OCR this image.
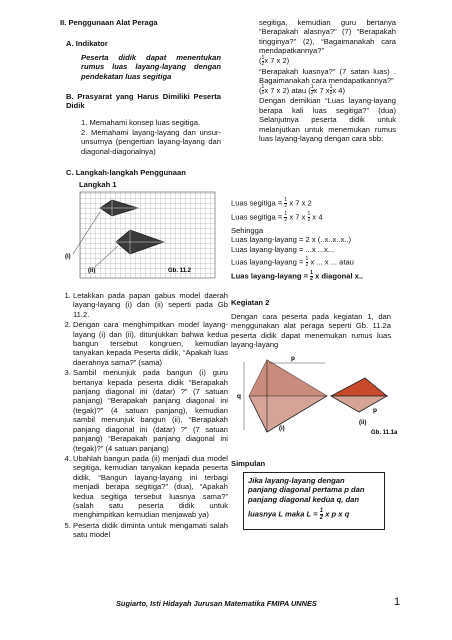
II. Penggunaan Alat Peraga
A. Indikator
Peserta didik dapat menentukan rumus luas layang-layang dengan pendekatan luas segitiga
B. Prasyarat yang Harus Dimiliki Peserta Didik
1. Memahami konsep luas segitiga.
2. Memahami layang-layang dan unsur-unsurnya (pengertian layang-layang dan diagonal-diagonalnya)
C. Langkah-langkah Penggunaan
Langkah 1
(i)
(ii)	Gb. 11.2
1. Letakkan pada papan gabus model daerah layang-layang (i) dan (ii) seperti pada Gb 11.2.
2. Dengan cara menghimpitkan model layang-layang (i) dan (ii), ditunjukkan bahwa kedua bangun tersebut kongruen, kemudian tanyakan kepada Peserta didik, “Apakah luas daerahnya sama?” (sama)
3. Sambil menunjuk pada bangun (i) guru bertanya kepada peserta didik “Berapakah panjang diagonal ini (datar) ?” (7 satuan panjang) “Berapakah panjang diagonal ini (tegak)?” (4 satuan panjang), kemudian sambil menunjuk bangun (ii), “Berapakah panjang diagonal ini (datar) ?” (7 satuan panjang) “Berapakah panjang diagonal ini (tegak)?” (4 satuan panjang)
4. Ubahlah bangun pada (ii) menjadi dua model segitiga, kemudian tanyakan kepada peserta didik, “Bangun layang-layang ini terbagi menjadi berapa segitiga?” (dua), “Apakah kedua segitiga tersebut luasnya sama?” (salah satu peserta didik untuk menghimpitkan kemudian menjawab ya)
5. Peserta didik diminta untuk mengamati salah satu model
segitiga, kemudian guru bertanya “Berapakah alasnya?” (7) “Berapakah tingginya?” (2), “Bagaimanakah cara mendapatkannya?”
( $\frac{1}{2}$ x 7 x 2)
“Berapakah luasnya?” (7 satan luas) . Bagaimanakah cara mendapatkannya?”
( $\frac{1}{2}$ x 7 x 2) atau ( $\frac{1}{2}$ x 7 x $\frac{1}{2}$ x 4)
Dengan demikian “Luas layang-layang berapa kali luas segitiga?” (dua) Selanjutnya peserta didik untuk melanjutkan untuk menemukan rumus luas layang-layang dengan cara sbb:
Luas segitiga = $\frac{1}{2}$ x 7 x 2
Luas segitiga = $\frac{1}{2}$ x 7 x $\frac{1}{2}$ x 4
Sehingga
Luas layang-layang = 2 x (..x..x..x..)
Luas layang-layang = ...x ...x...
Luas layang-layang = $\frac{1}{2}$ x ... x ... atau
Luas layang-layang = $\frac{1}{2}$ x diagonal x..
Kegiatan 2
Dengan cara peserta pada kegiatan 1, dan menggunakan alat peraga seperti Gb. 11.2a peserta didik dapat menemukan rumus luas layang-layang
p
q
(i)
p
(ii)
Gb. 11.1a
Simpulan
Jika layang-layang dengan
panjang diagonal pertama p dan
panjang diagonal kedua q, dan
luasnya L maka $L = \frac{1}{2}$ x p x q
Sugiarto, Isti Hidayah Jurusan Matematika FMIPA UNNES	1
